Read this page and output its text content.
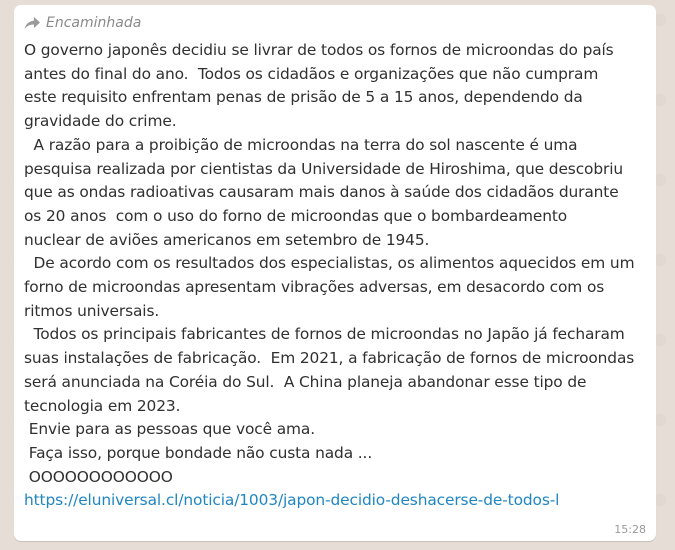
Encaminhada

O governo japonês decidiu se livrar de todos os fornos de microondas do país

antes do final do ano.  Todos os cidadãos e organizações que não cumpram

este requisito enfrentam penas de prisão de 5 a 15 anos, dependendo da

gravidade do crime.

A razão para a proibição de microondas na terra do sol nascente é uma

pesquisa realizada por cientistas da Universidade de Hiroshima, que descobriu

que as ondas radioativas causaram mais danos à saúde dos cidadãos durante

os 20 anos  com o uso do forno de microondas que o bombardeamento

nuclear de aviões americanos em setembro de 1945.

De acordo com os resultados dos especialistas, os alimentos aquecidos em um

forno de microondas apresentam vibrações adversas, em desacordo com os

ritmos universais.

Todos os principais fabricantes de fornos de microondas no Japão já fecharam

suas instalações de fabricação.  Em 2021, a fabricação de fornos de microondas

será anunciada na Coréia do Sul.  A China planeja abandonar esse tipo de

tecnologia em 2023.

Envie para as pessoas que você ama.

Faça isso, porque bondade não custa nada ...

OOOOOOOOOOOO

https://eluniversal.cl/noticia/1003/japon-decidio-deshacerse-de-todos-l

15:28
